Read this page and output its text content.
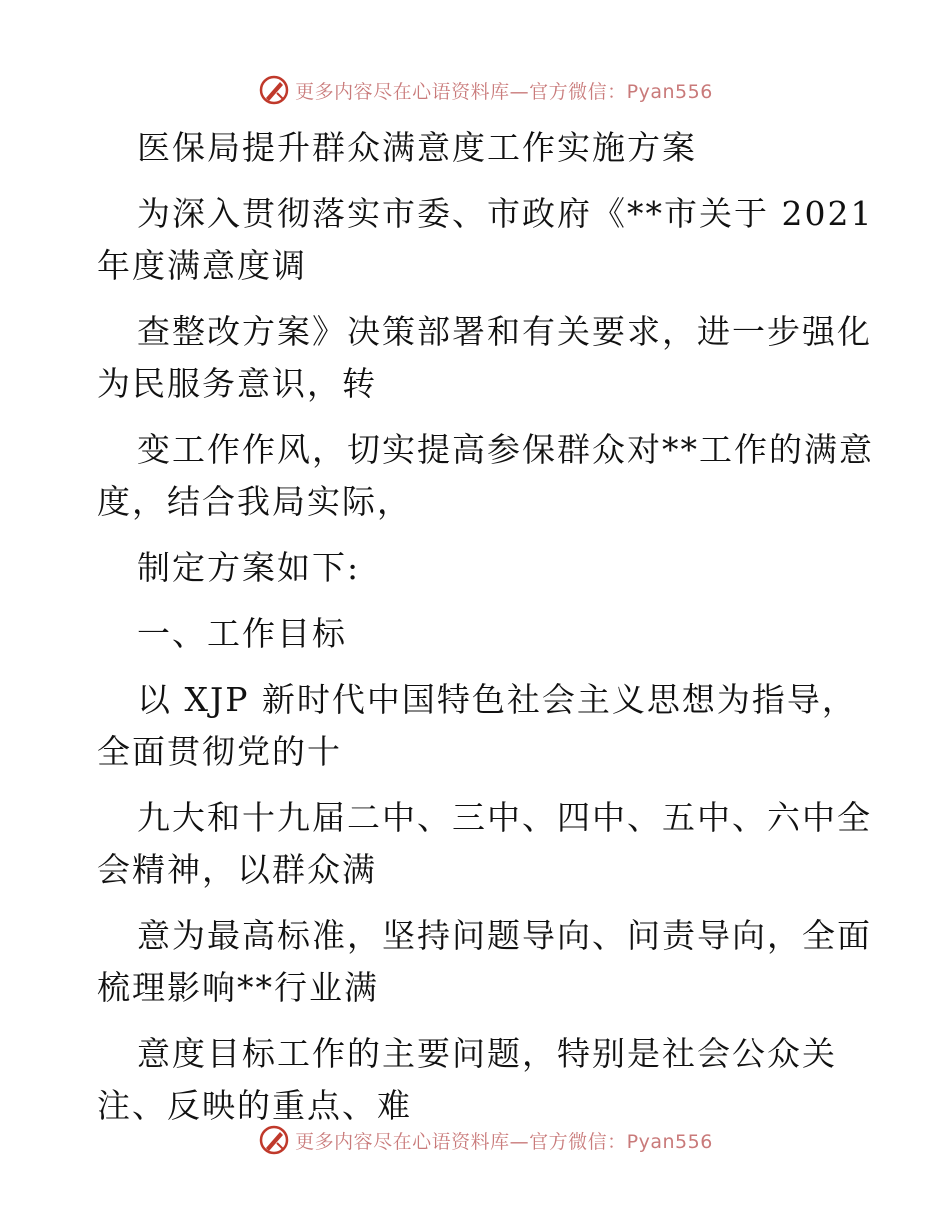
更多内容尽在心语资料库—官方微信：Pyan556
医保局提升群众满意度工作实施方案
为深入贯彻落实市委、市政府《**市关于 2021
年度满意度调
查整改方案》决策部署和有关要求，进一步强化
为民服务意识，转
变工作作风，切实提高参保群众对**工作的满意
度，结合我局实际，
制定方案如下:
一、工作目标
以 XJP 新时代中国特色社会主义思想为指导，
全面贯彻党的十
九大和十九届二中、三中、四中、五中、六中全
会精神，以群众满
意为最高标准，坚持问题导向、问责导向，全面
梳理影响**行业满
意度目标工作的主要问题，特别是社会公众关
注、反映的重点、难
更多内容尽在心语资料库—官方微信：Pyan556
